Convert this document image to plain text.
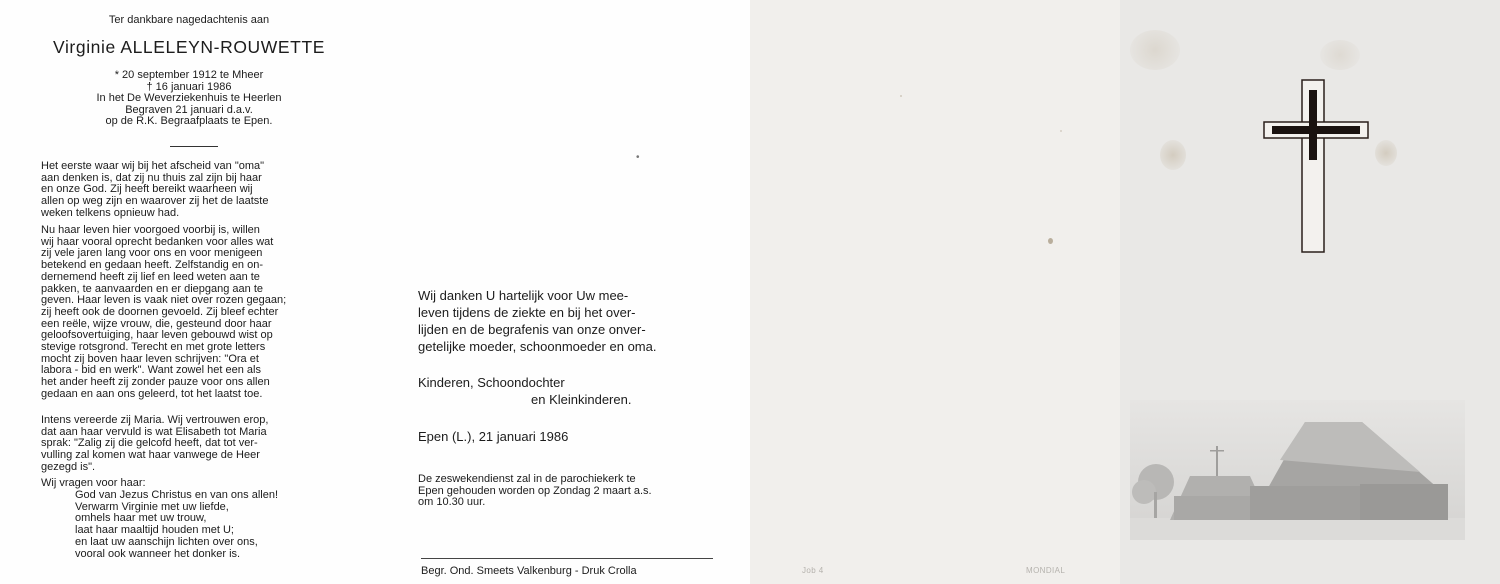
Ter dankbare nagedachtenis aan
Virginie ALLELEYN-ROUWETTE
* 20 september 1912 te Mheer
† 16 januari 1986
In het De Weverziekenhuis te Heerlen
Begraven 21 januari d.a.v.
op de R.K. Begraafplaats te Epen.
Het eerste waar wij bij het afscheid van "oma"
aan denken is, dat zij nu thuis zal zijn bij haar
en onze God. Zij heeft bereikt waarheen wij
allen op weg zijn en waarover zij het de laatste
weken telkens opnieuw had.
Nu haar leven hier voorgoed voorbij is, willen
wij haar vooral oprecht bedanken voor alles wat
zij vele jaren lang voor ons en voor menigeen
betekend en gedaan heeft. Zelfstandig en on-
dernemend heeft zij lief en leed weten aan te
pakken, te aanvaarden en er diepgang aan te
geven. Haar leven is vaak niet over rozen gegaan;
zij heeft ook de doornen gevoeld. Zij bleef echter
een reële, wijze vrouw, die, gesteund door haar
geloofsovertuiging, haar leven gebouwd wist op
stevige rotsgrond. Terecht en met grote letters
mocht zij boven haar leven schrijven: "Ora et
labora - bid en werk". Want zowel het een als
het ander heeft zij zonder pauze voor ons allen
gedaan en aan ons geleerd, tot het laatst toe.
Intens vereerde zij Maria. Wij vertrouwen erop,
dat aan haar vervuld is wat Elisabeth tot Maria
sprak: "Zalig zij die gelcofd heeft, dat tot ver-
vulling zal komen wat haar vanwege de Heer
gezegd is".
Wij vragen voor haar:
God van Jezus Christus en van ons allen!
Verwarm Virginie met uw liefde,
omhels haar met uw trouw,
laat haar maaltijd houden met U;
en laat uw aanschijn lichten over ons,
vooral ook wanneer het donker is.
•
Wij danken U hartelijk voor Uw mee-
leven tijdens de ziekte en bij het over-
lijden en de begrafenis van onze onver-
getelijke moeder, schoonmoeder en oma.
Kinderen, Schoondochter
en Kleinkinderen.
Epen (L.), 21 januari 1986
De zeswekendienst zal in de parochiekerk te
Epen gehouden worden op Zondag 2 maart a.s.
om 10.30 uur.
Begr. Ond. Smeets Valkenburg - Druk Crolla	Job 4	MONDIAL
